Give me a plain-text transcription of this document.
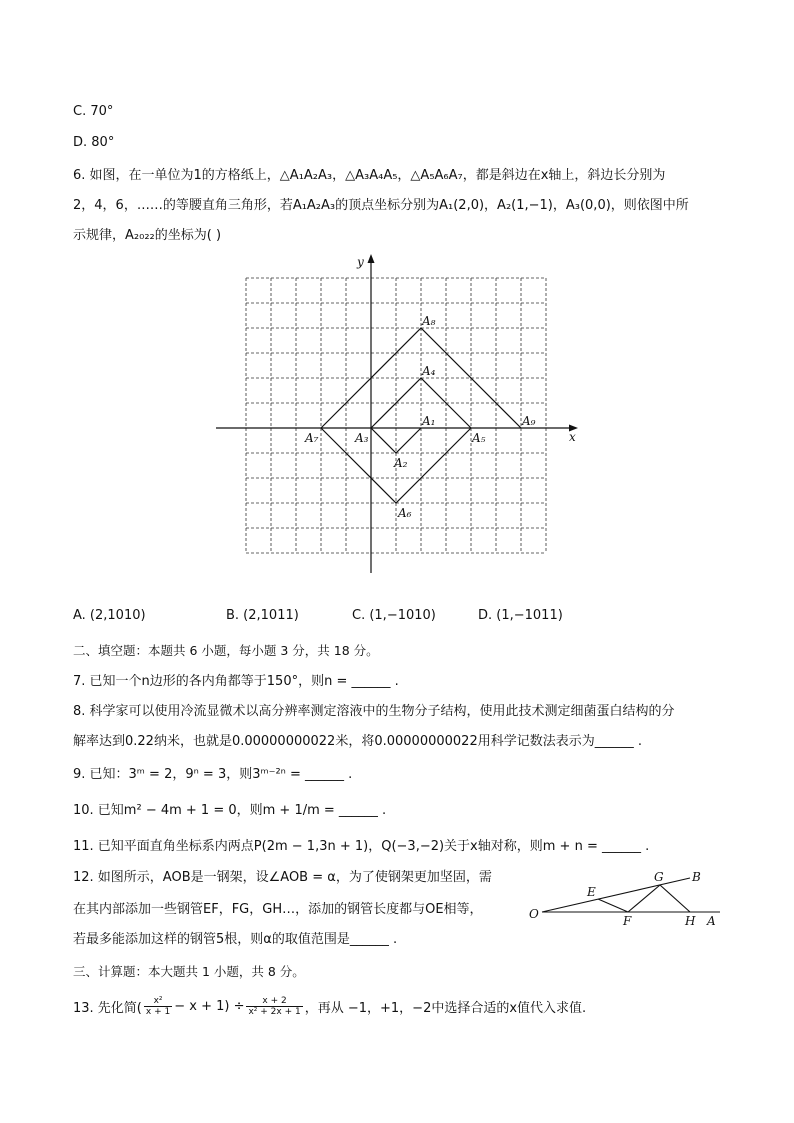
C. 70°
D. 80°
6. 如图，在一单位为1的方格纸上，△A₁A₂A₃，△A₃A₄A₅，△A₅A₆A₇，都是斜边在x轴上，斜边长分别为
2，4，6，……的等腰直角三角形，若A₁A₂A₃的顶点坐标分别为A₁(2,0)，A₂(1,−1)，A₃(0,0)，则依图中所
示规律，A₂₀₂₂的坐标为( )
x
y
A₁
A₂
A₃
A₄
A₅
A₆
A₇
A₈
A₉
A. (2,1010)	B. (2,1011)	C. (1,−1010)	D. (1,−1011)
二、填空题：本题共 6 小题，每小题 3 分，共 18 分。
7. 已知一个n边形的各内角都等于150°，则n = ______ .
8. 科学家可以使用冷流显微术以高分辨率测定溶液中的生物分子结构，使用此技术测定细菌蛋白结构的分
解率达到0.22纳米，也就是0.00000000022米，将0.00000000022用科学记数法表示为______ .
9. 已知：3ᵐ = 2，9ⁿ = 3，则3ᵐ⁻²ⁿ = ______ .
10. 已知m² − 4m + 1 = 0，则m + 1/m = ______ .
11. 已知平面直角坐标系内两点P(2m − 1,3n + 1)，Q(−3,−2)关于x轴对称，则m + n = ______ .
12. 如图所示，AOB是一钢架，设∠AOB = α，为了使钢架更加坚固，需
在其内部添加一些钢管EF，FG，GH…，添加的钢管长度都与OE相等，
若最多能添加这样的钢管5根，则α的取值范围是______ .
O
E
F
G B
H A
三、计算题：本大题共 1 小题，共 8 分。
13. 先化简( $\frac{\text{x²}}{x + 1} - x + 1) \div \frac{x + 2}{\text{x² + 2x + 1}}$ ，再从 −1，+1，−2中选择合适的x值代入求值.
